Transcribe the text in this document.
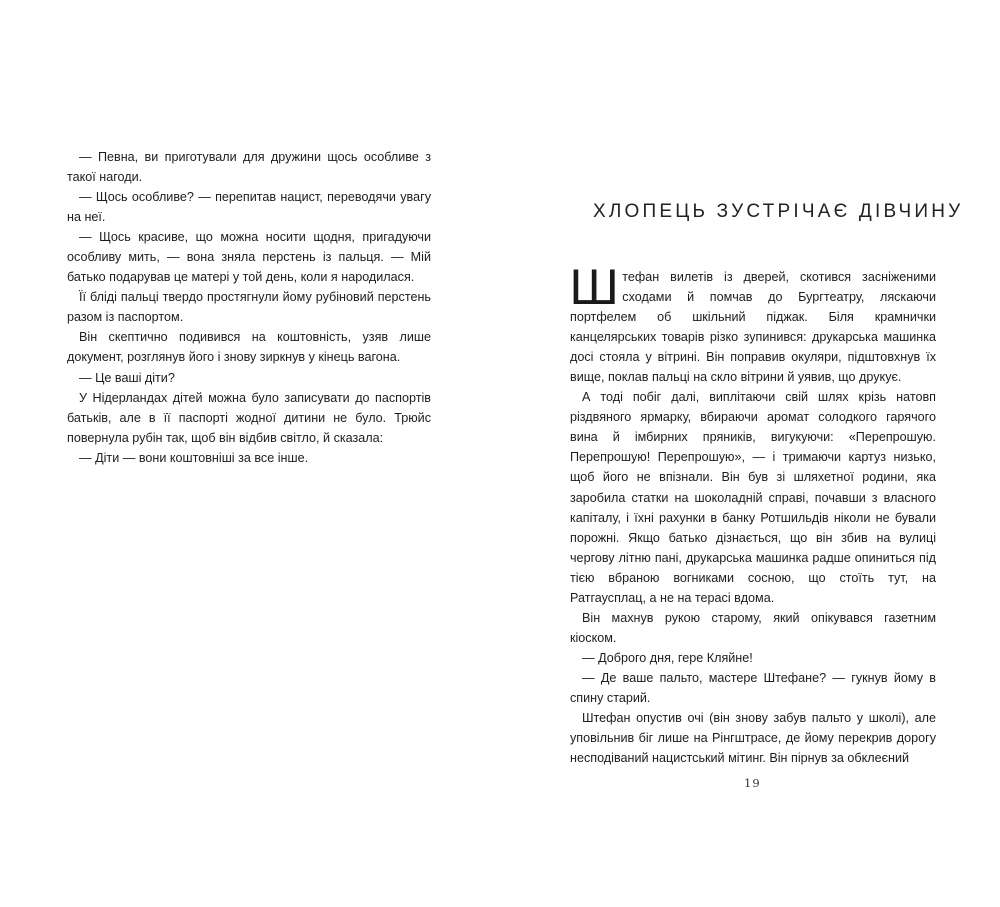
— Певна, ви приготували для дружини щось особливе з такої нагоди.

— Щось особливе? — перепитав нацист, переводячи увагу на неї.

— Щось красиве, що можна носити щодня, пригадуючи особливу мить, — вона зняла перстень із пальця. — Мій батько подарував це матері у той день, коли я народилася.

Її бліді пальці твердо простягнули йому рубіновий перстень разом із паспортом.

Він скептично подивився на коштовність, узяв лише документ, розглянув його і знову зиркнув у кінець вагона.

— Це ваші діти?

У Нідерландах дітей можна було записувати до паспортів батьків, але в її паспорті жодної дитини не було. Трюйс повернула рубін так, щоб він відбив світло, й сказала:

— Діти — вони коштовніші за все інше.

ХЛОПЕЦЬ ЗУСТРІЧАЄ ДІВЧИНУ

Штефан вилетів із дверей, скотився засніженими сходами й помчав до Бургтеатру, ляскаючи портфелем об шкільний піджак. Біля крамнички канцелярських товарів різко зупинився: друкарська машинка досі стояла у вітрині. Він поправив окуляри, підштовхнув їх вище, поклав пальці на скло вітрини й уявив, що друкує.

А тоді побіг далі, виплітаючи свій шлях крізь натовп різдвяного ярмарку, вбираючи аромат солодкого гарячого вина й імбирних пряників, вигукуючи: «Перепрошую. Перепрошую! Перепрошую», — і тримаючи картуз низько, щоб його не впізнали. Він був зі шляхетної родини, яка заробила статки на шоколадній справі, почавши з власного капіталу, і їхні рахунки в банку Ротшильдів ніколи не бували порожні. Якщо батько дізнається, що він збив на вулиці чергову літню пані, друкарська машинка радше опиниться під тією вбраною вогниками сосною, що стоїть тут, на Ратгаусплац, а не на терасі вдома.

Він махнув рукою старому, який опікувався газетним кіоском.

— Доброго дня, гере Кляйне!

— Де ваше пальто, мастере Штефане? — гукнув йому в спину старий.

Штефан опустив очі (він знову забув пальто у школі), але уповільнив біг лише на Рінгштрасе, де йому перекрив дорогу несподіваний нацистський мітинг. Він пірнув за обклеєний

19
